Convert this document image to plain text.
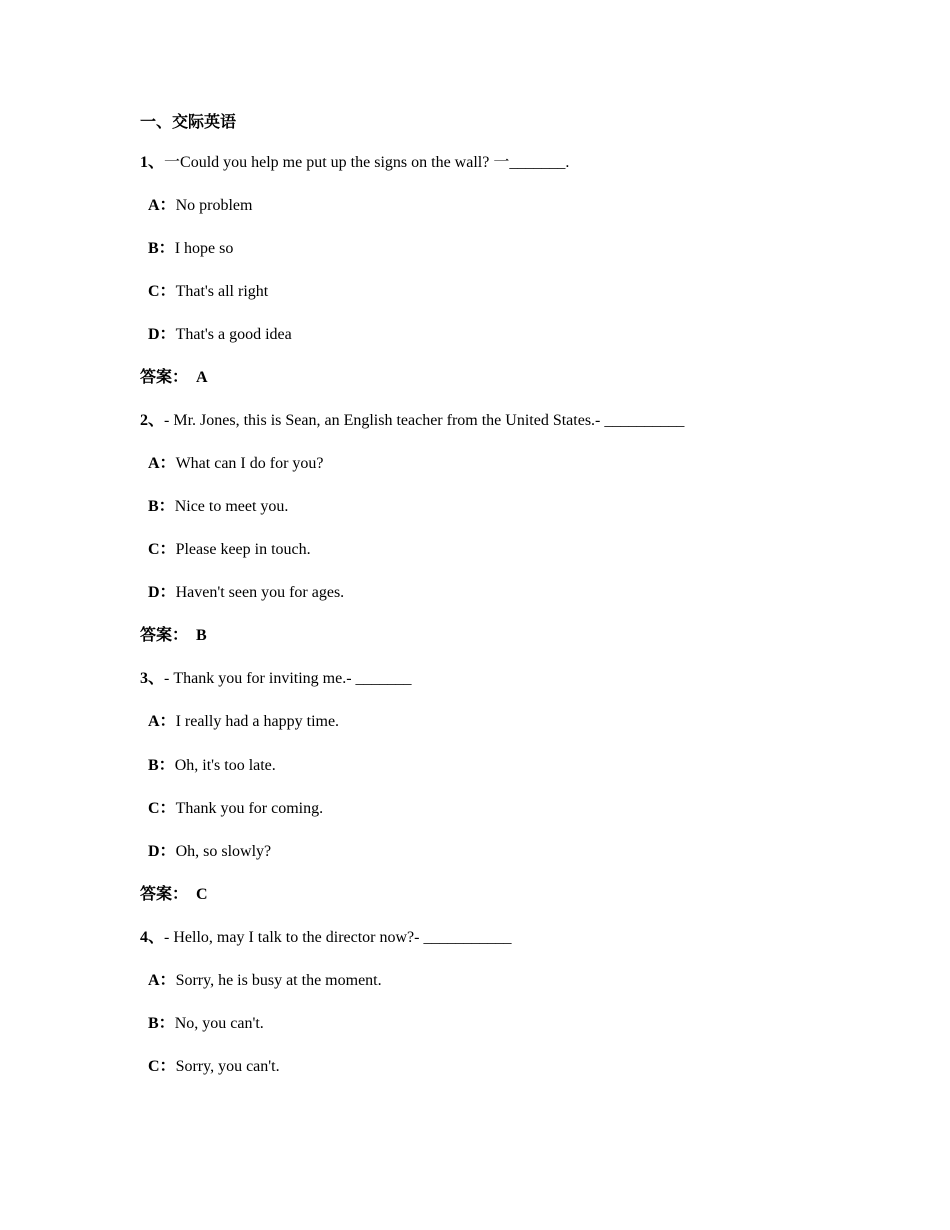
一、交际英语
1、一Could you help me put up the signs on the wall? 一_______.
A：No problem
B：I hope so
C：That's all right
D：That's a good idea
答案： A
2、- Mr. Jones, this is Sean, an English teacher from the United States.- __________
A：What can I do for you?
B：Nice to meet you.
C：Please keep in touch.
D：Haven't seen you for ages.
答案： B
3、- Thank you for inviting me.- _______
A：I really had a happy time.
B：Oh, it's too late.
C：Thank you for coming.
D：Oh, so slowly?
答案： C
4、- Hello, may I talk to the director now?- ___________
A：Sorry, he is busy at the moment.
B：No, you can't.
C：Sorry, you can't.
